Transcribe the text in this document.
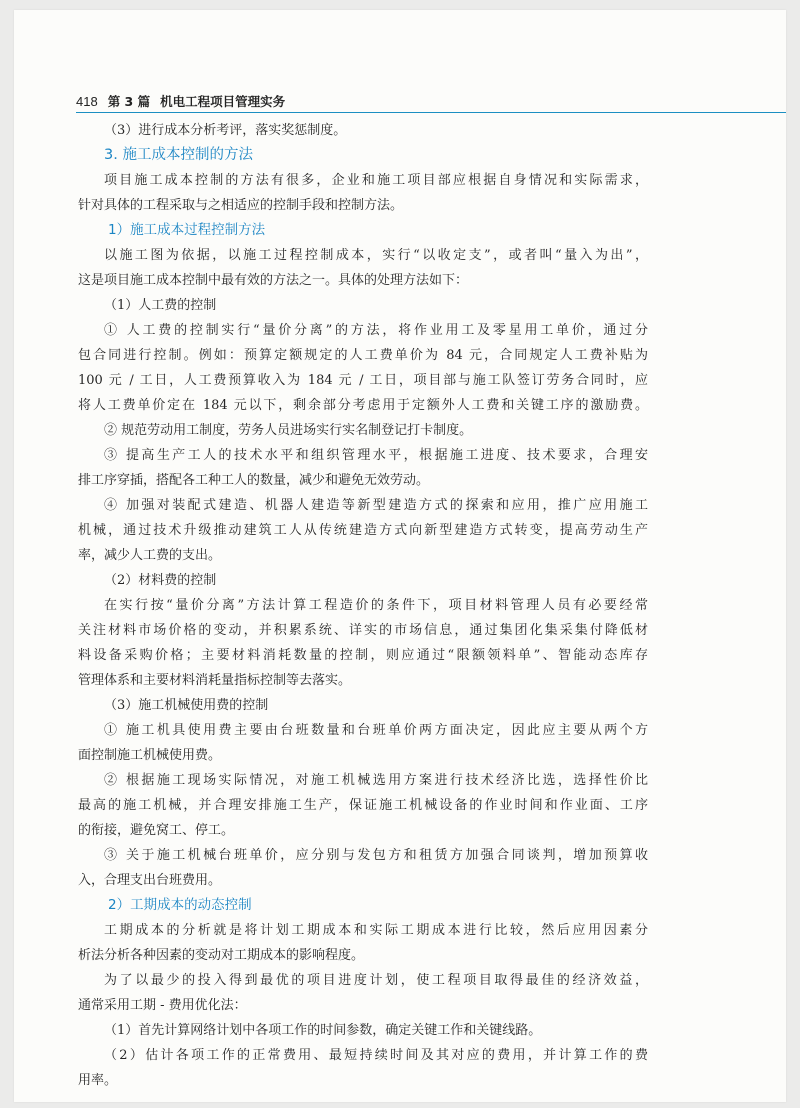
418 第 3 篇 机电工程项目管理实务
（3）进行成本分析考评，落实奖惩制度。
3. 施工成本控制的方法
项目施工成本控制的方法有很多，企业和施工项目部应根据自身情况和实际需求，
针对具体的工程采取与之相适应的控制手段和控制方法。
1）施工成本过程控制方法
以施工图为依据，以施工过程控制成本，实行“以收定支”，或者叫“量入为出”，
这是项目施工成本控制中最有效的方法之一。具体的处理方法如下：
（1）人工费的控制
① 人工费的控制实行“量价分离”的方法，将作业用工及零星用工单价，通过分
包合同进行控制。例如：预算定额规定的人工费单价为 84 元，合同规定人工费补贴为
100 元 / 工日，人工费预算收入为 184 元 / 工日，项目部与施工队签订劳务合同时，应
将人工费单价定在 184 元以下，剩余部分考虑用于定额外人工费和关键工序的激励费。
② 规范劳动用工制度，劳务人员进场实行实名制登记打卡制度。
③ 提高生产工人的技术水平和组织管理水平，根据施工进度、技术要求，合理安
排工序穿插，搭配各工种工人的数量，减少和避免无效劳动。
④ 加强对装配式建造、机器人建造等新型建造方式的探索和应用，推广应用施工
机械，通过技术升级推动建筑工人从传统建造方式向新型建造方式转变，提高劳动生产
率，减少人工费的支出。
（2）材料费的控制
在实行按“量价分离”方法计算工程造价的条件下，项目材料管理人员有必要经常
关注材料市场价格的变动，并积累系统、详实的市场信息，通过集团化集采集付降低材
料设备采购价格；主要材料消耗数量的控制，则应通过“限额领料单”、智能动态库存
管理体系和主要材料消耗量指标控制等去落实。
（3）施工机械使用费的控制
① 施工机具使用费主要由台班数量和台班单价两方面决定，因此应主要从两个方
面控制施工机械使用费。
② 根据施工现场实际情况，对施工机械选用方案进行技术经济比选，选择性价比
最高的施工机械，并合理安排施工生产，保证施工机械设备的作业时间和作业面、工序
的衔接，避免窝工、停工。
③ 关于施工机械台班单价，应分别与发包方和租赁方加强合同谈判，增加预算收
入，合理支出台班费用。
2）工期成本的动态控制
工期成本的分析就是将计划工期成本和实际工期成本进行比较，然后应用因素分
析法分析各种因素的变动对工期成本的影响程度。
为了以最少的投入得到最优的项目进度计划，使工程项目取得最佳的经济效益，
通常采用工期 - 费用优化法：
（1）首先计算网络计划中各项工作的时间参数，确定关键工作和关键线路。
（2）估计各项工作的正常费用、最短持续时间及其对应的费用，并计算工作的费
用率。
